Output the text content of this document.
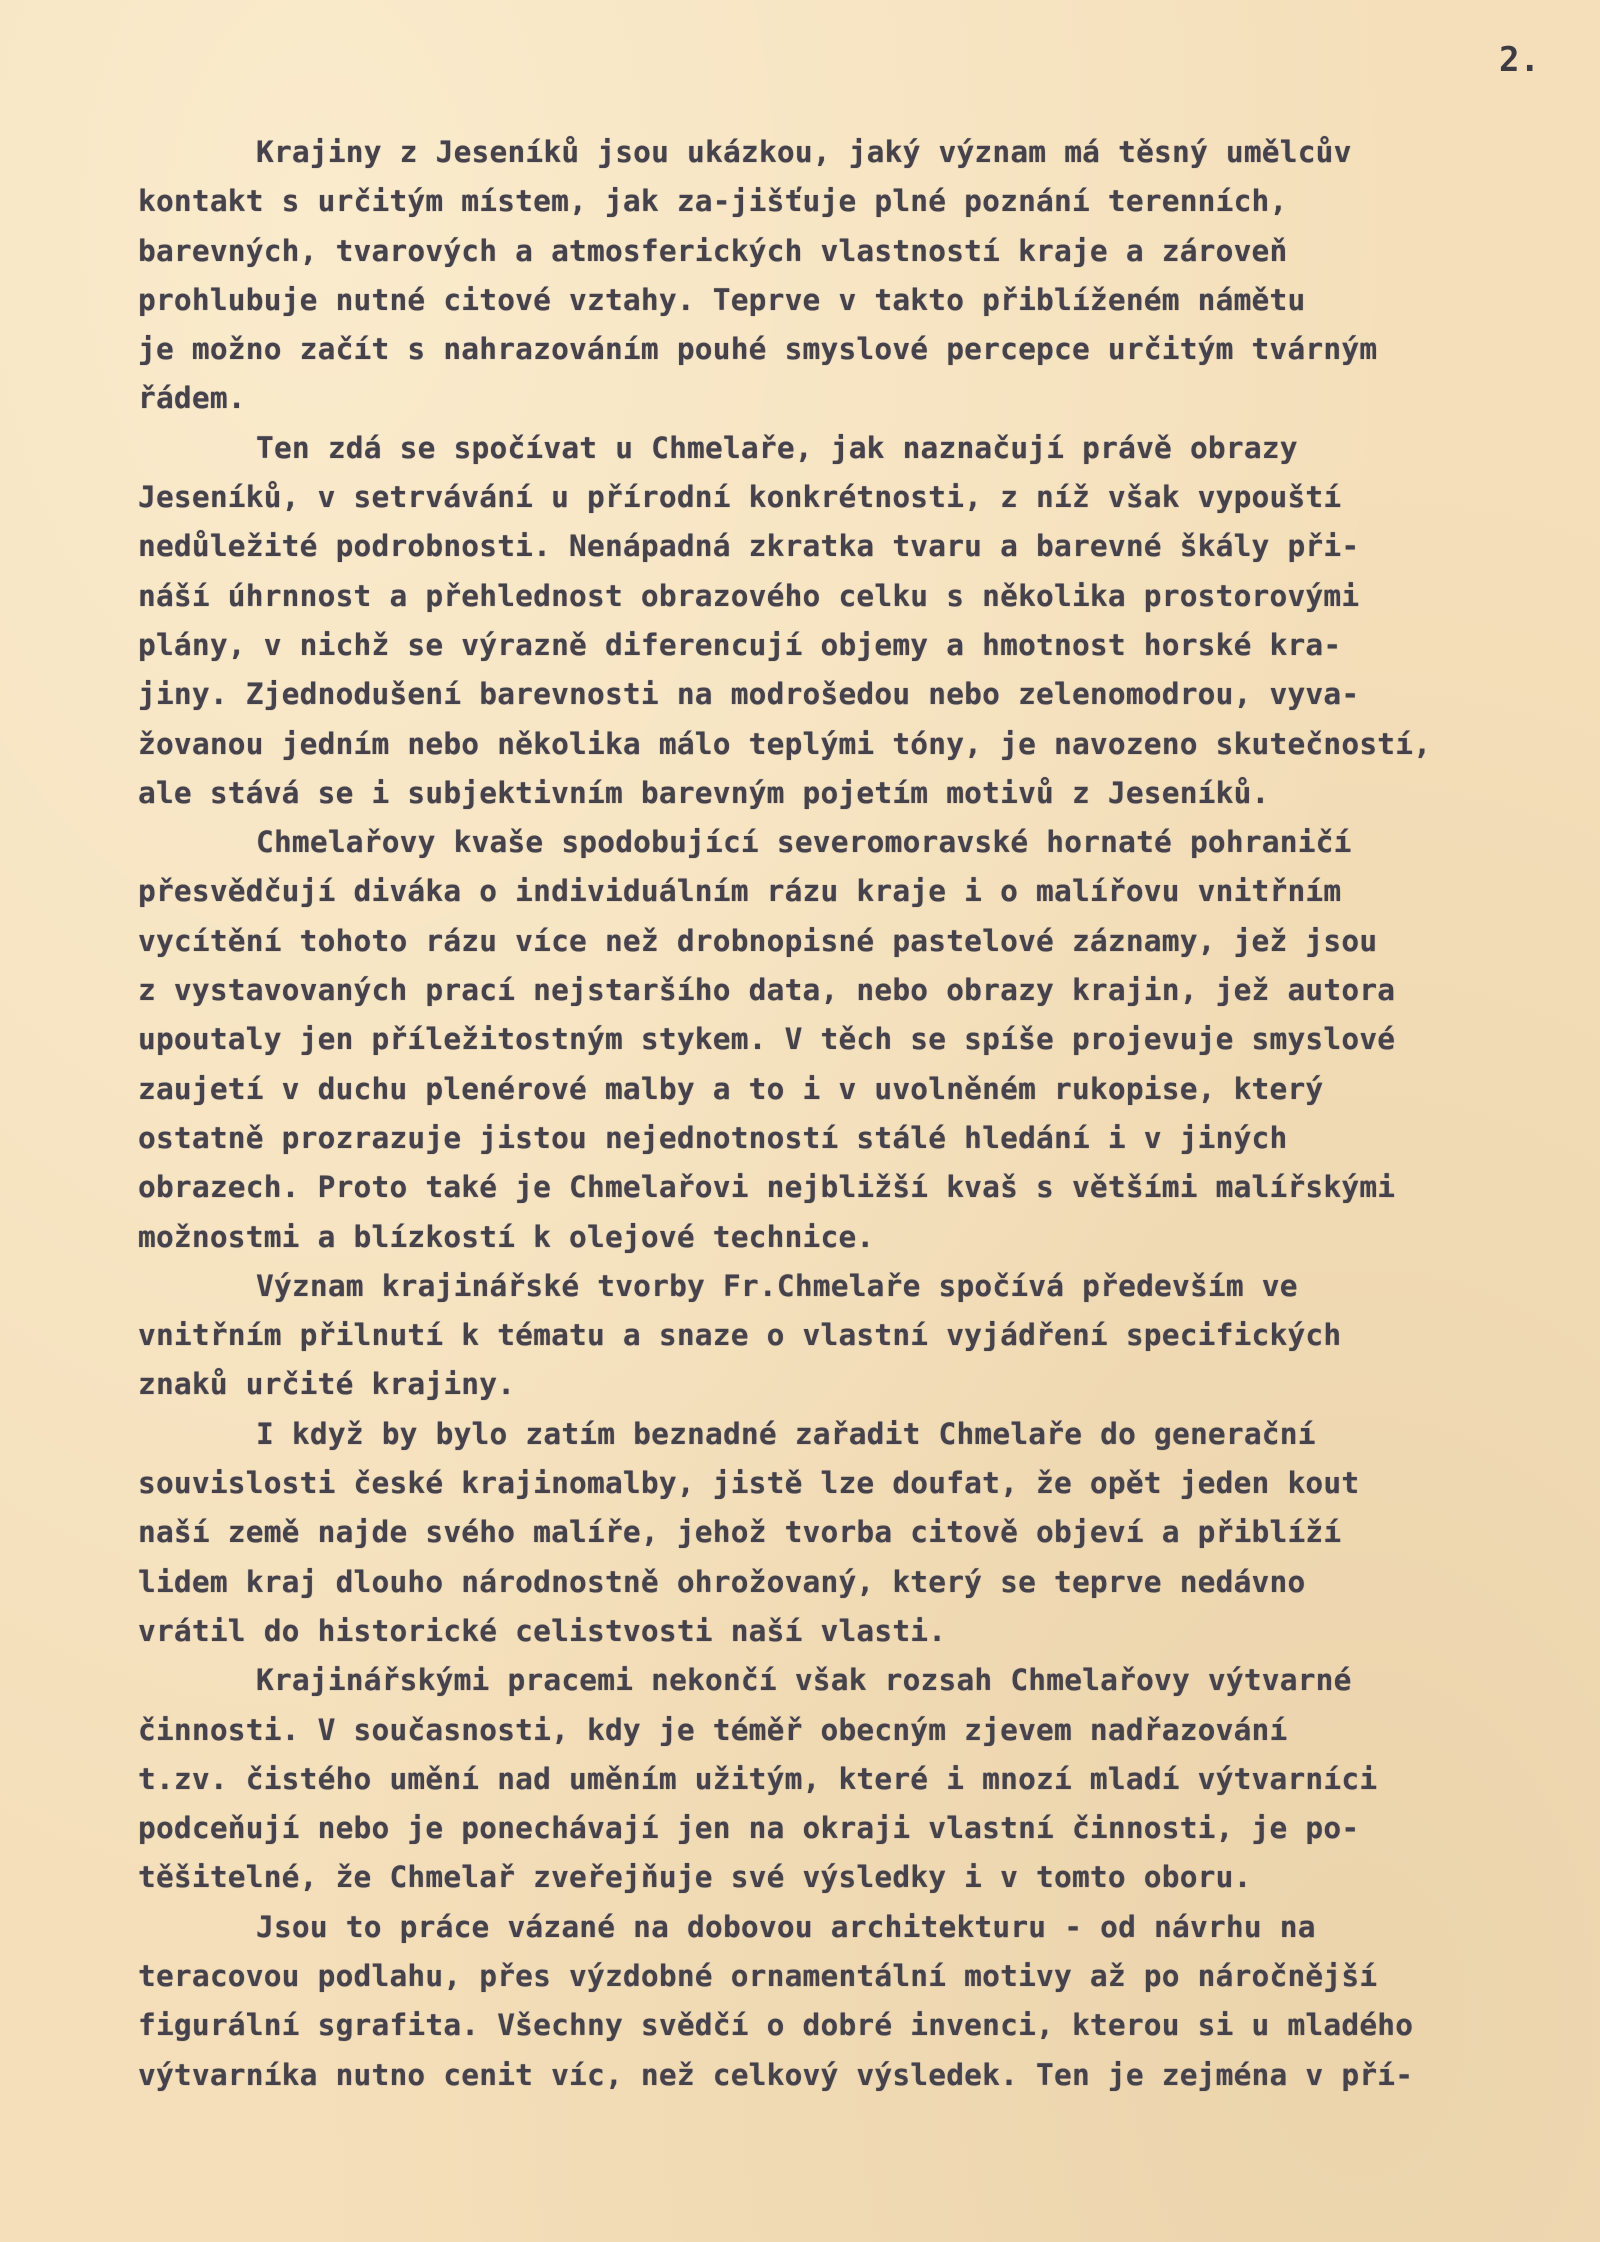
2.

Krajiny z Jeseníků jsou ukázkou, jaký význam má těsný umělcův
kontakt s určitým místem, jak za-jišťuje plné poznání terenních,
barevných, tvarových a atmosferických vlastností kraje a zároveň
prohlubuje nutné citové vztahy. Teprve v takto přiblíženém námětu
je možno začít s nahrazováním pouhé smyslové percepce určitým tvárným
řádem.

Ten zdá se spočívat u Chmelaře, jak naznačují právě obrazy
Jeseníků, v setrvávání u přírodní konkrétnosti, z níž však vypouští
nedůležité podrobnosti. Nenápadná zkratka tvaru a barevné škály při-
náší úhrnnost a přehlednost obrazového celku s několika prostorovými
plány, v nichž se výrazně diferencují objemy a hmotnost horské kra-
jiny. Zjednodušení barevnosti na modrošedou nebo zelenomodrou, vyva-
žovanou jedním nebo několika málo teplými tóny, je navozeno skutečností,
ale stává se i subjektivním barevným pojetím motivů z Jeseníků.

Chmelařovy kvaše spodobující severomoravské hornaté pohraničí
přesvědčují diváka o individuálním rázu kraje i o malířovu vnitřním
vycítění tohoto rázu více než drobnopisné pastelové záznamy, jež jsou
z vystavovaných prací nejstaršího data, nebo obrazy krajin, jež autora
upoutaly jen příležitostným stykem. V těch se spíše projevuje smyslové
zaujetí v duchu plenérové malby a to i v uvolněném rukopise, který
ostatně prozrazuje jistou nejednotností stálé hledání i v jiných
obrazech. Proto také je Chmelařovi nejbližší kvaš s většími malířskými
možnostmi a blízkostí k olejové technice.

Význam krajinářské tvorby Fr.Chmelaře spočívá především ve
vnitřním přilnutí k tématu a snaze o vlastní vyjádření specifických
znaků určité krajiny.

I když by bylo zatím beznadné zařadit Chmelaře do generační
souvislosti české krajinomalby, jistě lze doufat, že opět jeden kout
naší země najde svého malíře, jehož tvorba citově objeví a přiblíží
lidem kraj dlouho národnostně ohrožovaný, který se teprve nedávno
vrátil do historické celistvosti naší vlasti.

Krajinářskými pracemi nekončí však rozsah Chmelařovy výtvarné
činnosti. V současnosti, kdy je téměř obecným zjevem nadřazování
t.zv. čistého umění nad uměním užitým, které i mnozí mladí výtvarníci
podceňují nebo je ponechávají jen na okraji vlastní činnosti, je po-
těšitelné, že Chmelař zveřejňuje své výsledky i v tomto oboru.

Jsou to práce vázané na dobovou architekturu - od návrhu na
teracovou podlahu, přes výzdobné ornamentální motivy až po náročnější
figurální sgrafita. Všechny svědčí o dobré invenci, kterou si u mladého
výtvarníka nutno cenit víc, než celkový výsledek. Ten je zejména v pří-
